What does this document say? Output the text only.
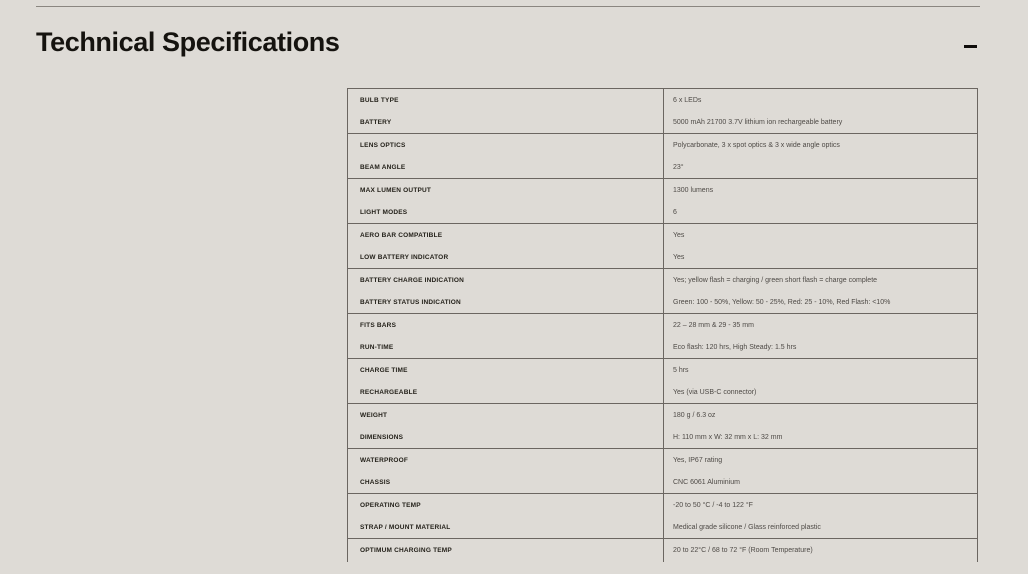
Technical Specifications
BULB TYPE	6 x LEDs
BATTERY	5000 mAh 21700 3.7V lithium ion rechargeable battery
LENS OPTICS	Polycarbonate, 3 x spot optics & 3 x wide angle optics
BEAM ANGLE	23°
MAX LUMEN OUTPUT	1300 lumens
LIGHT MODES	6
AERO BAR COMPATIBLE	Yes
LOW BATTERY INDICATOR	Yes
BATTERY CHARGE INDICATION	Yes; yellow flash = charging / green short flash = charge complete
BATTERY STATUS INDICATION	Green: 100 - 50%, Yellow: 50 - 25%, Red: 25 - 10%, Red Flash: <10%
FITS BARS	22 – 28 mm & 29 - 35 mm
RUN-TIME	Eco flash: 120 hrs, High Steady: 1.5 hrs
CHARGE TIME	5 hrs
RECHARGEABLE	Yes (via USB-C connector)
WEIGHT	180 g / 6.3 oz
DIMENSIONS	H: 110 mm x W: 32 mm x L: 32 mm
WATERPROOF	Yes, IP67 rating
CHASSIS	CNC 6061 Aluminium
OPERATING TEMP	-20 to 50 °C / -4 to 122 °F
STRAP / MOUNT MATERIAL	Medical grade silicone / Glass reinforced plastic
OPTIMUM CHARGING TEMP	20 to 22°C / 68 to 72 °F (Room Temperature)
